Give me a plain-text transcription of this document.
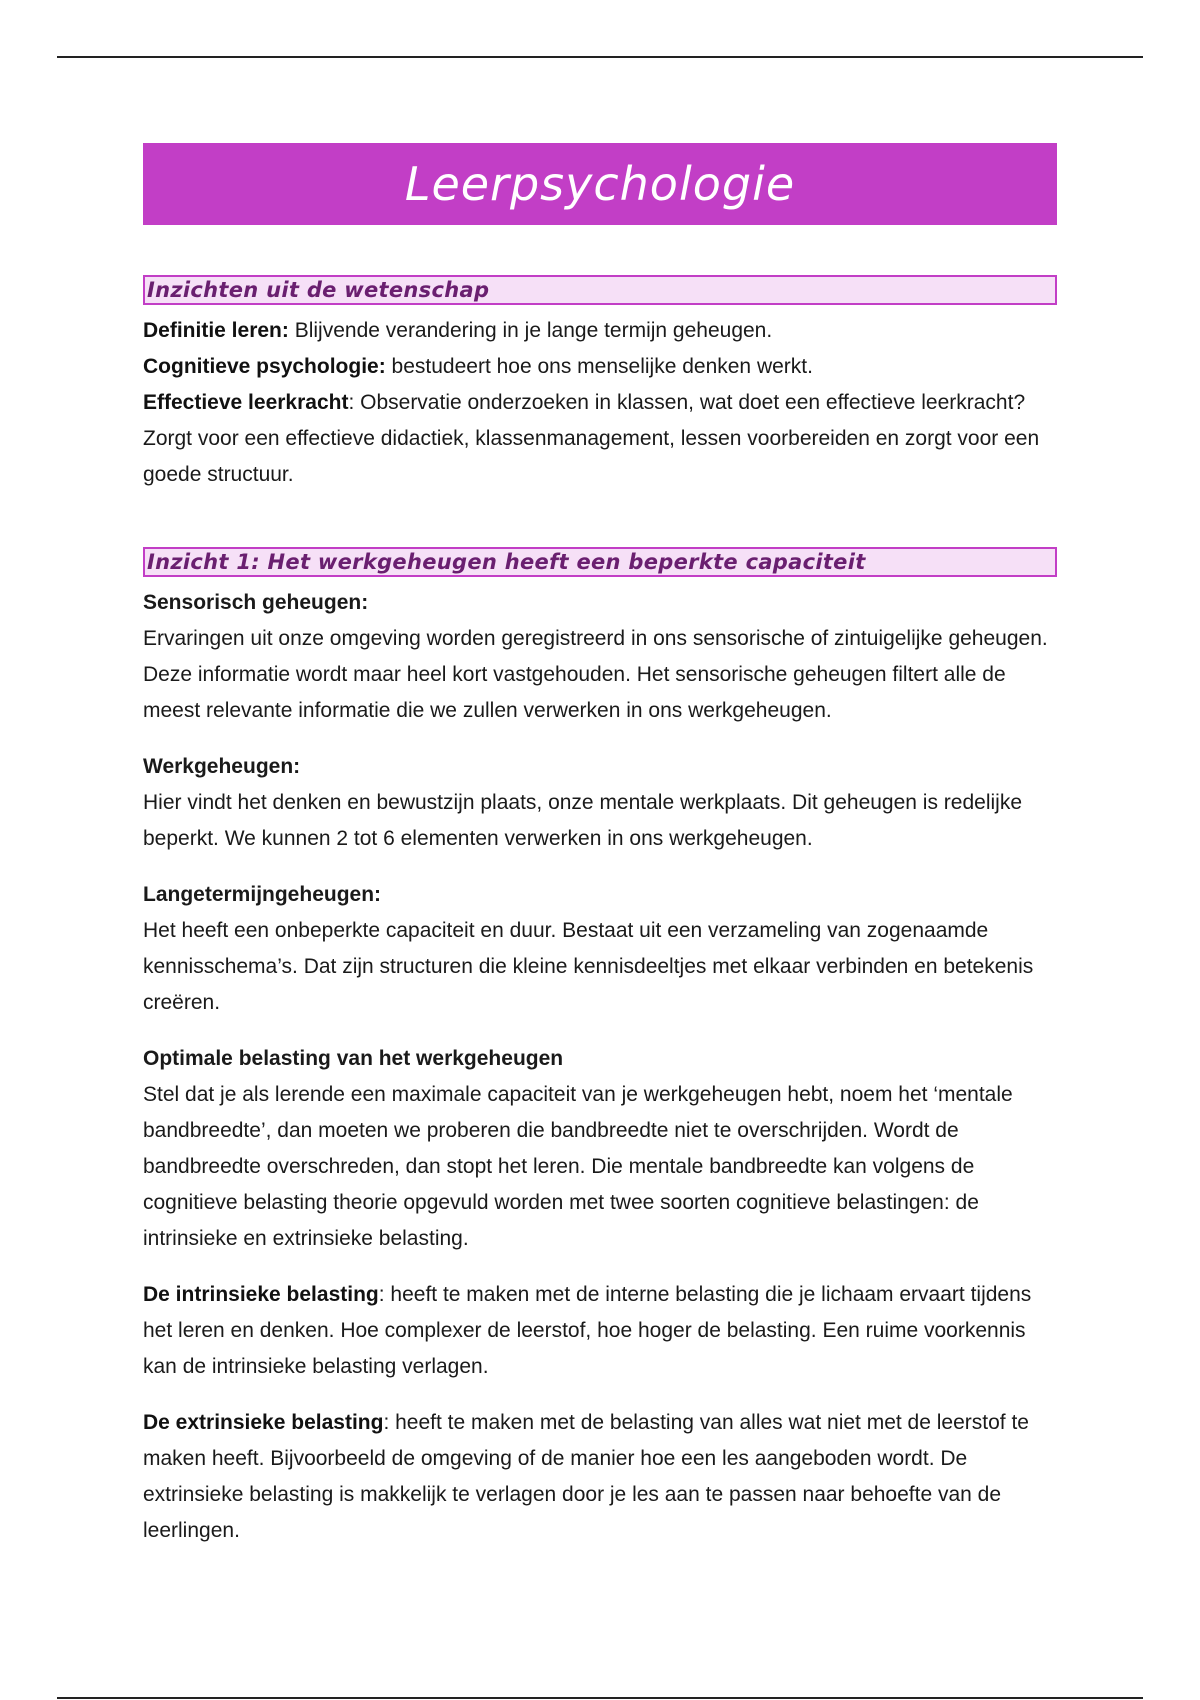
Leerpsychologie
Inzichten uit de wetenschap

Definitie leren: Blijvende verandering in je lange termijn geheugen.

Cognitieve psychologie: bestudeert hoe ons menselijke denken werkt.

Effectieve leerkracht: Observatie onderzoeken in klassen, wat doet een effectieve leerkracht? Zorgt voor een effectieve didactiek, klassenmanagement, lessen voorbereiden en zorgt voor een goede structuur.

Inzicht 1: Het werkgeheugen heeft een beperkte capaciteit

Sensorisch geheugen:

Ervaringen uit onze omgeving worden geregistreerd in ons sensorische of zintuigelijke geheugen. Deze informatie wordt maar heel kort vastgehouden. Het sensorische geheugen filtert alle de meest relevante informatie die we zullen verwerken in ons werkgeheugen.

Werkgeheugen:

Hier vindt het denken en bewustzijn plaats, onze mentale werkplaats. Dit geheugen is redelijke beperkt. We kunnen 2 tot 6 elementen verwerken in ons werkgeheugen.

Langetermijngeheugen:

Het heeft een onbeperkte capaciteit en duur. Bestaat uit een verzameling van zogenaamde kennisschema’s. Dat zijn structuren die kleine kennisdeeltjes met elkaar verbinden en betekenis creëren.

Optimale belasting van het werkgeheugen

Stel dat je als lerende een maximale capaciteit van je werkgeheugen hebt, noem het ‘mentale bandbreedte’, dan moeten we proberen die bandbreedte niet te overschrijden. Wordt de bandbreedte overschreden, dan stopt het leren. Die mentale bandbreedte kan volgens de cognitieve belasting theorie opgevuld worden met twee soorten cognitieve belastingen: de intrinsieke en extrinsieke belasting.

De intrinsieke belasting: heeft te maken met de interne belasting die je lichaam ervaart tijdens het leren en denken. Hoe complexer de leerstof, hoe hoger de belasting. Een ruime voorkennis kan de intrinsieke belasting verlagen.

De extrinsieke belasting: heeft te maken met de belasting van alles wat niet met de leerstof te maken heeft. Bijvoorbeeld de omgeving of de manier hoe een les aangeboden wordt. De extrinsieke belasting is makkelijk te verlagen door je les aan te passen naar behoefte van de leerlingen.
